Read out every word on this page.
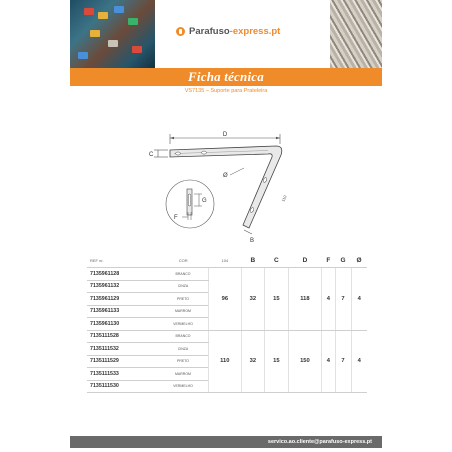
Parafuso-express.pt
Ficha técnica
VS7135 – Suporte para Prateleira
D
C
Ø
110
B
G
F
REF nr.	COR	104	B	C	D	F	G	Ø
7135961128	BRANCO	96	32	15	118	4	7	4
7135961132	CINZA							
7135961129	PRETO							
7135961133	MARROM							
7135961130	VERMELHO							
7135111528	BRANCO	110	32	15	150	4	7	4
7135111532	CINZA							
7135111529	PRETO							
7135111533	MARROM							
7135111530	VERMELHO							
servico.ao.cliente@parafuso-express.pt
